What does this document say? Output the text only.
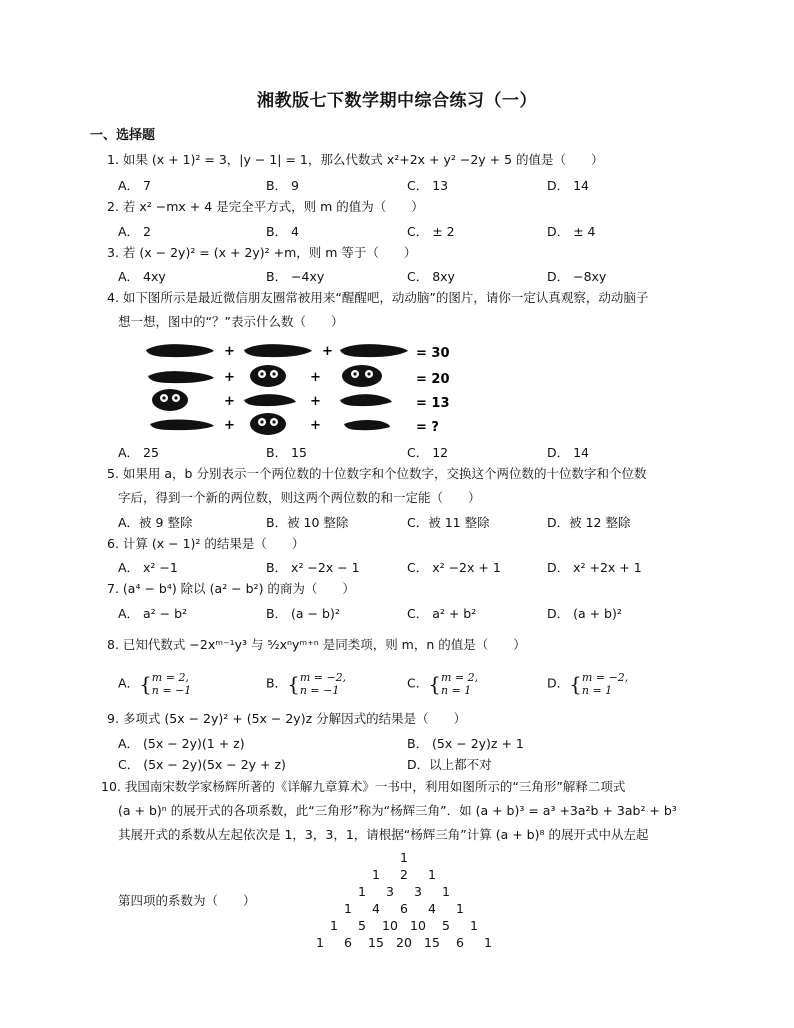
湘教版七下数学期中综合练习（一）
一、选择题
1. 如果 (x + 1)² = 3，|y − 1| = 1，那么代数式 x²+2x + y² −2y + 5 的值是（　　）
A． 7	B． 9	C． 13	D． 14
2. 若 x² −mx + 4 是完全平方式，则 m 的值为（　　）
A． 2	B． 4	C． ± 2	D． ± 4
3. 若 (x − 2y)² = (x + 2y)² +m，则 m 等于（　　）
A． 4xy	B． −4xy	C． 8xy	D． −8xy
4. 如下图所示是最近微信朋友圈常被用来“醒醒吧，动动脑”的图片，请你一定认真观察，动动脑子
想一想，图中的“？”表示什么数（　　）
+	+	= 30
+	+	= 20
+	+	= 13
+	+	= ?
A． 25	B． 15	C． 12	D． 14
5. 如果用 a，b 分别表示一个两位数的十位数字和个位数字，交换这个两位数的十位数字和个位数
字后，得到一个新的两位数，则这两个两位数的和一定能（　　）
A．被 9 整除	B．被 10 整除	C．被 11 整除	D．被 12 整除
6. 计算 (x − 1)² 的结果是（　　）
A． x² −1	B． x² −2x − 1	C． x² −2x + 1	D． x² +2x + 1
7. (a⁴ − b⁴) 除以 (a² − b²) 的商为（　　）
A． a² − b²	B． (a − b)²	C． a² + b²	D． (a + b)²
8. 已知代数式 −2xᵐ⁻¹y³ 与 ⁵⁄₂xⁿyᵐ⁺ⁿ 是同类项，则 m，n 的值是（　　）
A．{m = 2,
n = −1	B．{m = −2,
n = −1	C．{m = 2,
n = 1	D．{m = −2,
n = 1
9. 多项式 (5x − 2y)² + (5x − 2y)z 分解因式的结果是（　　）
A． (5x − 2y)(1 + z)	B． (5x − 2y)z + 1
C． (5x − 2y)(5x − 2y + z)	D．以上都不对
10. 我国南宋数学家杨辉所著的《详解九章算术》一书中，利用如图所示的“三角形”解释二项式
(a + b)ⁿ 的展开式的各项系数，此“三角形”称为“杨辉三角”．如 (a + b)³ = a³ +3a²b + 3ab² + b³
其展开式的系数从左起依次是 1，3，3，1，请根据“杨辉三角”计算 (a + b)⁸ 的展开式中从左起
第四项的系数为（　　）
1
1	2	1
1	3	3	1
1	4	6	4	1
1	5	10 10	5	1
1	6	15 20 15	6	1
